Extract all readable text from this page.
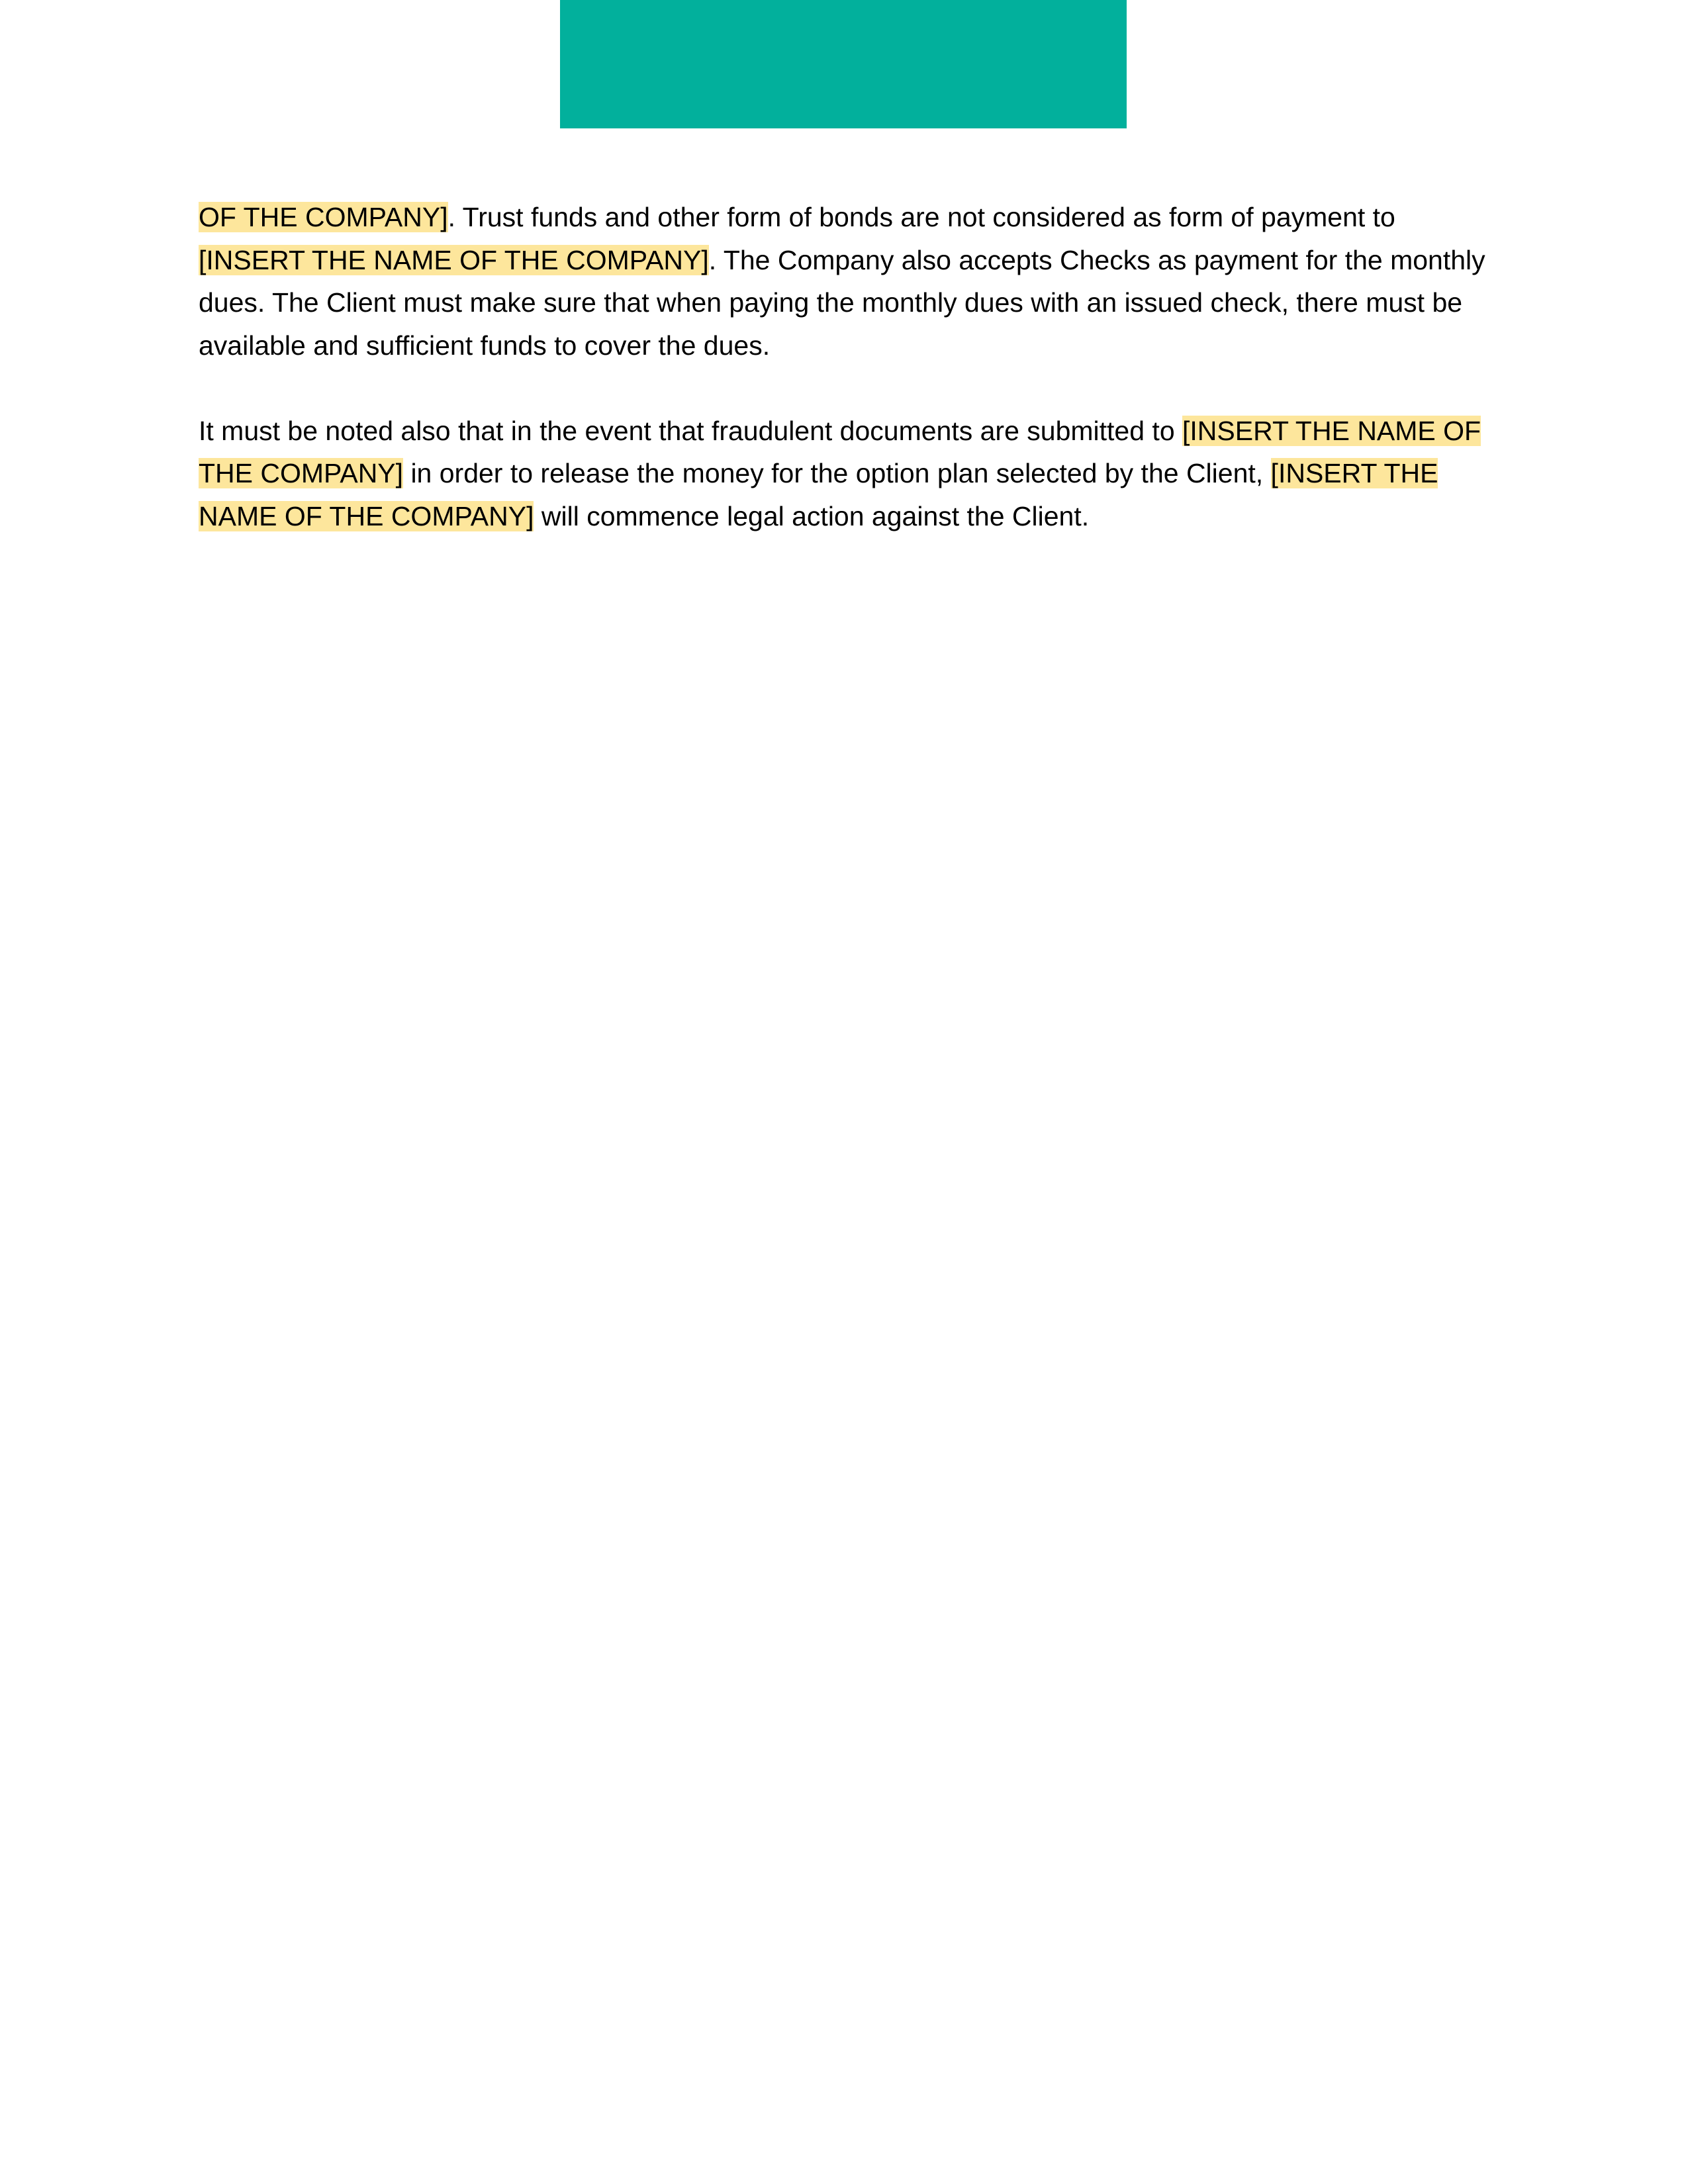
OF THE COMPANY]. Trust funds and other form of bonds are not considered as form of payment to [INSERT THE NAME OF THE COMPANY]. The Company also accepts Checks as payment for the monthly dues. The Client must make sure that when paying the monthly dues with an issued check, there must be available and sufficient funds to cover the dues.

It must be noted also that in the event that fraudulent documents are submitted to [INSERT THE NAME OF THE COMPANY] in order to release the money for the option plan selected by the Client, [INSERT THE NAME OF THE COMPANY] will commence legal action against the Client.
